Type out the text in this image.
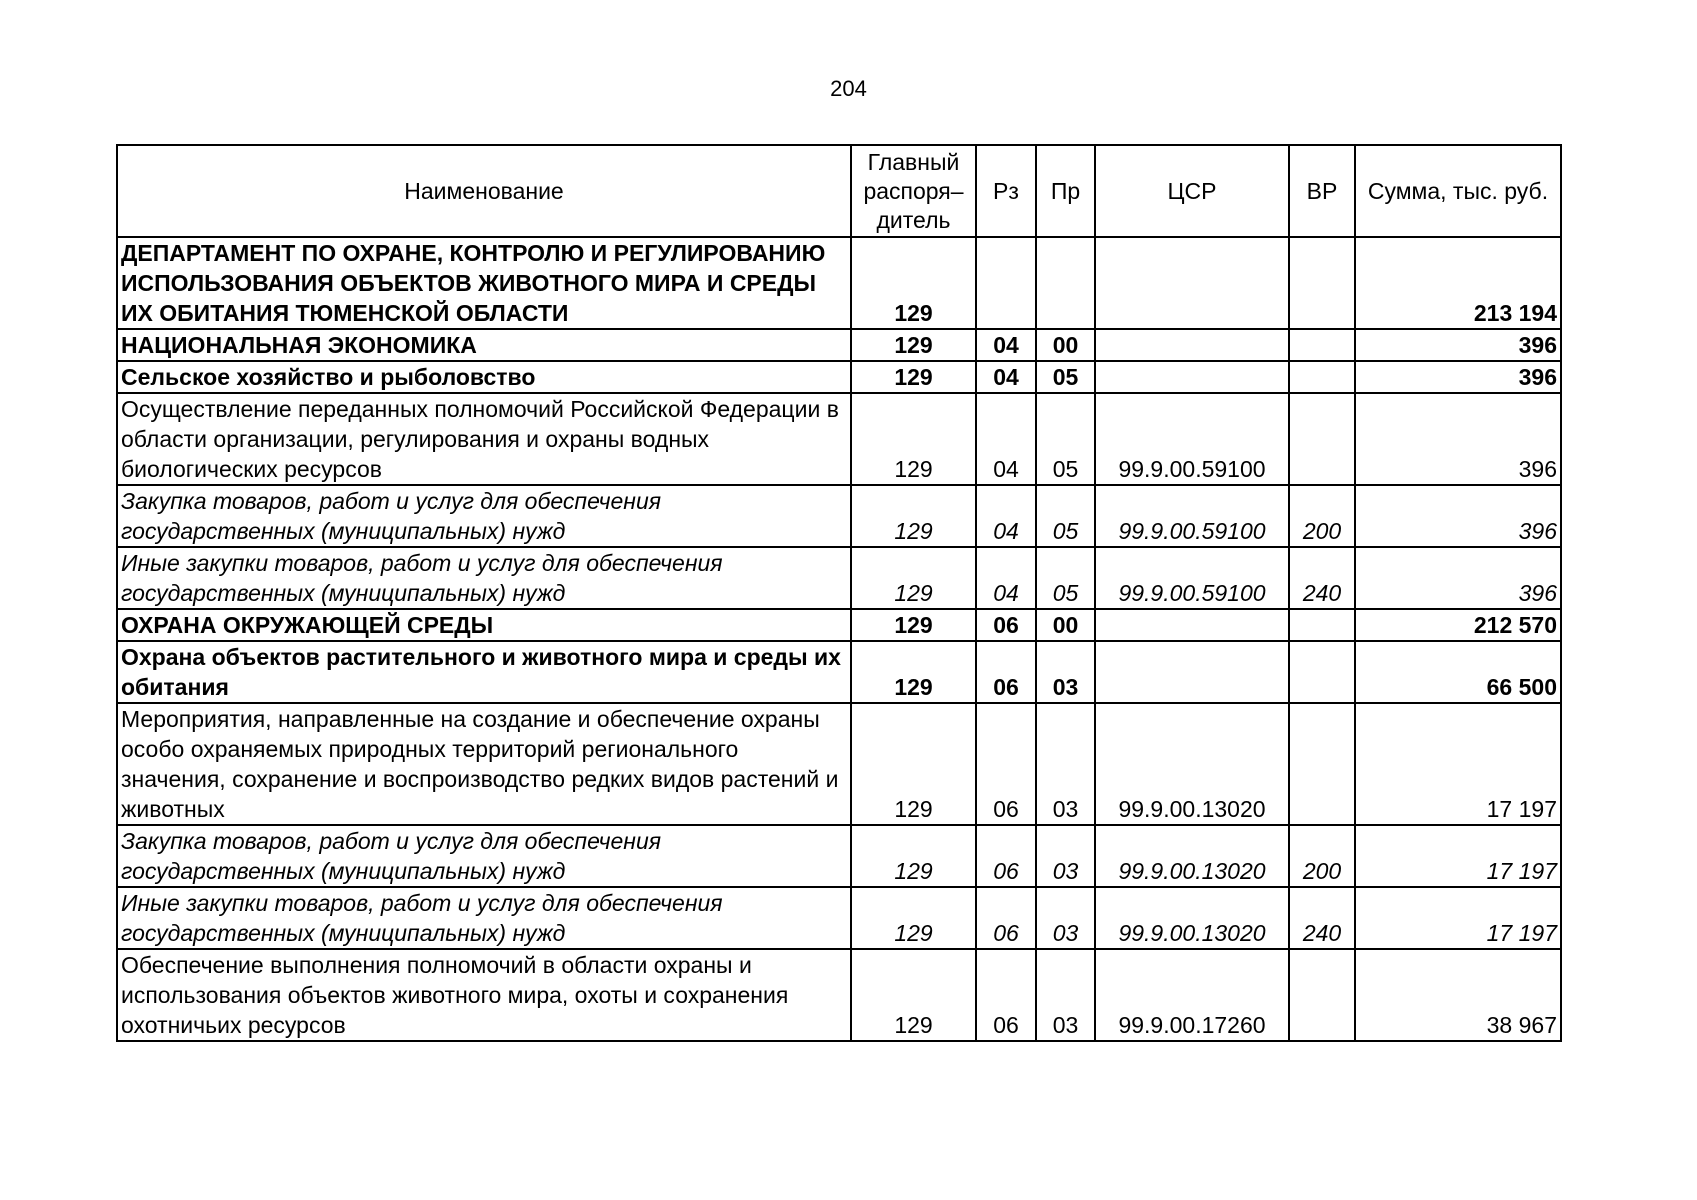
204
Наименование	Главный распоря–дитель	Рз	Пр	ЦСР	ВР	Сумма, тыс. руб.
ДЕПАРТАМЕНТ ПО ОХРАНЕ, КОНТРОЛЮ И РЕГУЛИРОВАНИЮ ИСПОЛЬЗОВАНИЯ ОБЪЕКТОВ ЖИВОТНОГО МИРА И СРЕДЫ ИХ ОБИТАНИЯ ТЮМЕНСКОЙ ОБЛАСТИ	129					213 194
НАЦИОНАЛЬНАЯ ЭКОНОМИКА	129	04	00			396
Сельское хозяйство и рыболовство	129	04	05			396
Осуществление переданных полномочий Российской Федерации в области организации, регулирования и охраны водных биологических ресурсов	129	04	05	99.9.00.59100		396
Закупка товаров, работ и услуг для обеспечения государственных (муниципальных) нужд	129	04	05	99.9.00.59100	200	396
Иные закупки товаров, работ и услуг для обеспечения государственных (муниципальных) нужд	129	04	05	99.9.00.59100	240	396
ОХРАНА ОКРУЖАЮЩЕЙ СРЕДЫ	129	06	00			212 570
Охрана объектов растительного и животного мира и среды их обитания	129	06	03			66 500
Мероприятия, направленные на создание и обеспечение охраны особо охраняемых природных территорий регионального значения, сохранение и воспроизводство редких видов растений и животных	129	06	03	99.9.00.13020		17 197
Закупка товаров, работ и услуг для обеспечения государственных (муниципальных) нужд	129	06	03	99.9.00.13020	200	17 197
Иные закупки товаров, работ и услуг для обеспечения государственных (муниципальных) нужд	129	06	03	99.9.00.13020	240	17 197
Обеспечение выполнения полномочий в области охраны и использования объектов животного мира, охоты и сохранения охотничьих ресурсов	129	06	03	99.9.00.17260		38 967
